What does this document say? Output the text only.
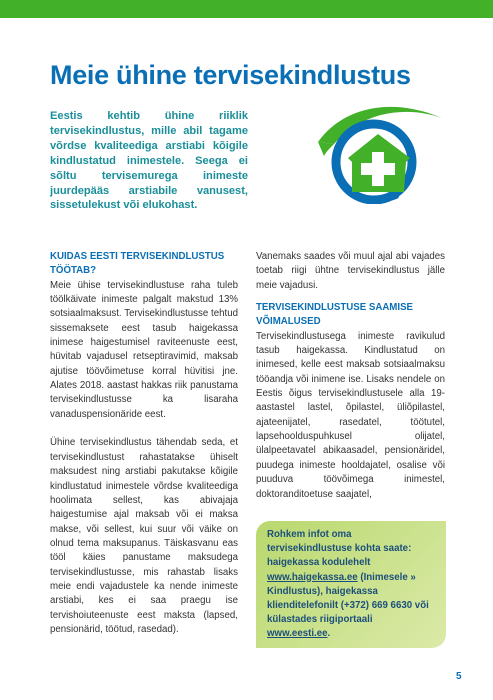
Meie ühine tervisekindlustus

Eestis kehtib ühine riiklik tervisekindlustus, mille abil tagame võrdse kvaliteediga arstiabi kõigile kindlustatud inimestele. Seega ei sõltu tervisemurega inimeste juurdepääs arstiabile vanusest, sissetulekust või elukohast.

KUIDAS EESTI TERVISEKINDLUSTUS TÖÖTAB?

Meie ühise tervisekindlustuse raha tuleb töölkäivate inimeste palgalt makstud 13% sotsiaalmaksust. Tervisekindlustusse tehtud sissemaksete eest tasub haigekassa inimese haigestumisel raviteenuste eest, hüvitab vajadusel retseptiravimid, maksab ajutise töövõimetuse korral hüvitisi jne. Alates 2018. aastast hakkas riik panustama tervisekindlustusse ka lisaraha vanaduspensionäride eest.

Ühine tervisekindlustus tähendab seda, et tervisekindlustust rahastatakse ühiselt maksudest ning arstiabi pakutakse kõigile kindlustatud inimestele võrdse kvaliteediga hoolimata sellest, kas abivajaja haigestumise ajal maksab või ei maksa makse, või sellest, kui suur või väike on olnud tema maksupanus. Täiskasvanu eas tööl käies panustame maksudega tervisekindlustusse, mis rahastab lisaks meie endi vajadustele ka nende inimeste arstiabi, kes ei saa praegu ise tervishoiuteenuste eest maksta (lapsed, pensionärid, töötud, rasedad).

Vanemaks saades või muul ajal abi vajades toetab riigi ühtne tervisekindlustus jälle meie vajadusi.

TERVISEKINDLUSTUSE SAAMISE VÕIMALUSED

Tervisekindlustusega inimeste ravikulud tasub haigekassa. Kindlustatud on inimesed, kelle eest maksab sotsiaalmaksu tööandja või inimene ise. Lisaks nendele on Eestis õigus tervisekindlustusele alla 19-aastastel lastel, õpilastel, üliõpilastel, ajateenijatel, rasedatel, töötutel, lapsehoolduspuhkusel olijatel, ülalpeetavatel abikaasadel, pensionäridel, puudega inimeste hooldajatel, osalise või puuduva töövõimega inimestel, doktoranditoetuse saajatel,

Rohkem infot oma tervisekindlustuse kohta saate:
haigekassa kodulehelt www.haigekassa.ee (Inimesele » Kindlustus), haigekassa klienditelefonilt (+372) 669 6630 või külastades riigiportaali www.eesti.ee.
5
